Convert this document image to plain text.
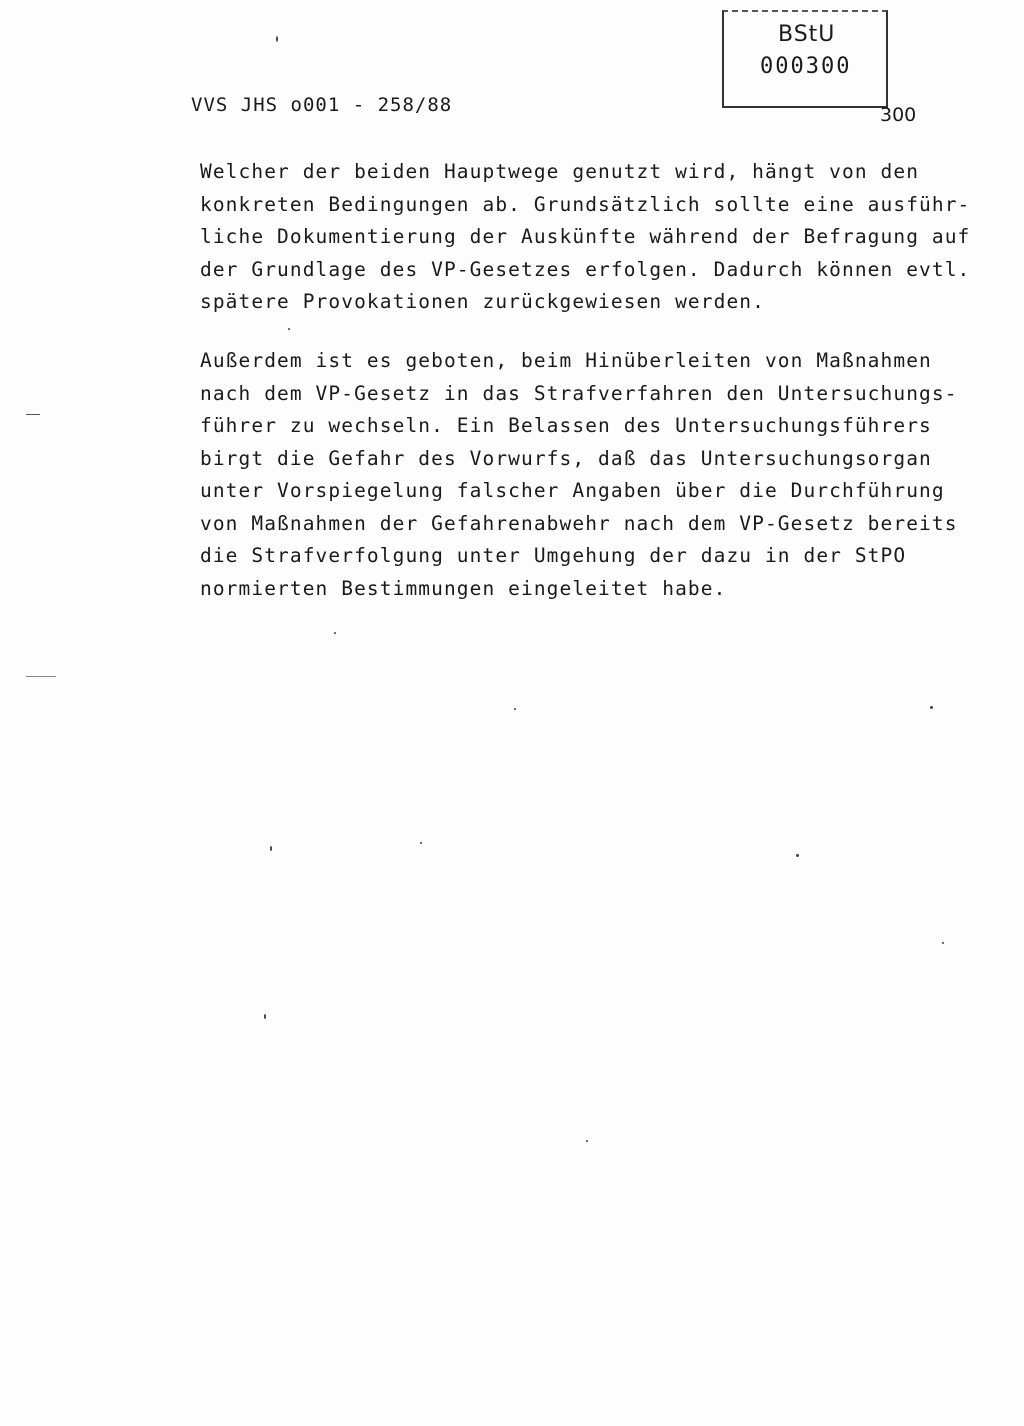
VVS JHS o001 - 258/88
BStU
000300
300
Welcher der beiden Hauptwege genutzt wird, hängt von den
konkreten Bedingungen ab. Grundsätzlich sollte eine ausführ-
liche Dokumentierung der Auskünfte während der Befragung auf
der Grundlage des VP-Gesetzes erfolgen. Dadurch können evtl.
spätere Provokationen zurückgewiesen werden.
Außerdem ist es geboten, beim Hinüberleiten von Maßnahmen
nach dem VP-Gesetz in das Strafverfahren den Untersuchungs-
führer zu wechseln. Ein Belassen des Untersuchungsführers
birgt die Gefahr des Vorwurfs, daß das Untersuchungsorgan
unter Vorspiegelung falscher Angaben über die Durchführung
von Maßnahmen der Gefahrenabwehr nach dem VP-Gesetz bereits
die Strafverfolgung unter Umgehung der dazu in der StPO
normierten Bestimmungen eingeleitet habe.
